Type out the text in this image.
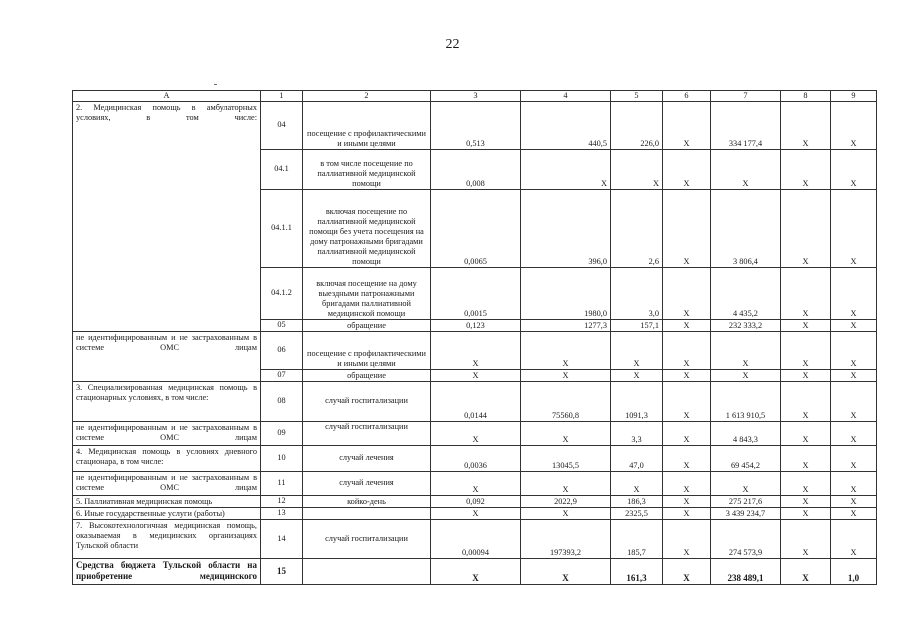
22
А	1	2	3	4	5	6	7	8	9
2. Медицинская помощь в амбулаторных условиях, в том числе:	04	посещение с профилактическими и иными целями	0,513	440,5	226,0	Х	334 177,4	Х	Х
	04.1	в том числе посещение по паллиативной медицинской помощи	0,008	Х	Х	Х	Х	Х	Х
	04.1.1	включая посещение по паллиативной медицинской помощи без учета посещения на дому патронажными бригадами паллиативной медицинской помощи	0,0065	396,0	2,6	Х	3 806,4	Х	Х
	04.1.2	включая посещение на дому выездными патронажными бригадами паллиативной медицинской помощи	0,0015	1980,0	3,0	Х	4 435,2	Х	Х
	05	обращение	0,123	1277,3	157,1	Х	232 333,2	Х	Х
не идентифицированным и не застрахованным в системе ОМС лицам	06	посещение с профилактическими и иными целями	Х	Х	Х	Х	Х	Х	Х
	07	обращение	Х	Х	Х	Х	Х	Х	Х
3. Специализированная медицинская помощь в стационарных условиях, в том числе:	08	случай госпитализации	0,0144	75560,8	1091,3	Х	1 613 910,5	Х	Х
не идентифицированным и не застрахованным в системе ОМС лицам	09	случай госпитализации	Х	Х	3,3	Х	4 843,3	Х	Х
4. Медицинская помощь в условиях дневного стационара, в том числе:	10	случай лечения	0,0036	13045,5	47,0	Х	69 454,2	Х	Х
не идентифицированным и не застрахованным в системе ОМС лицам	11	случай лечения	Х	Х	Х	Х	Х	Х	Х
5. Паллиативная медицинская помощь	12	койко-день	0,092	2022,9	186,3	Х	275 217,6	Х	Х
6. Иные государственные услуги (работы)	13		Х	Х	2325,5	Х	3 439 234,7	Х	Х
7. Высокотехнологичная медицинская помощь, оказываемая в медицинских организациях Тульской области	14	случай госпитализации	0,00094	197393,2	185,7	Х	274 573,9	Х	Х
Средства бюджета Тульской области на приобретение медицинского	15		Х	Х	161,3	Х	238 489,1	Х	1,0
